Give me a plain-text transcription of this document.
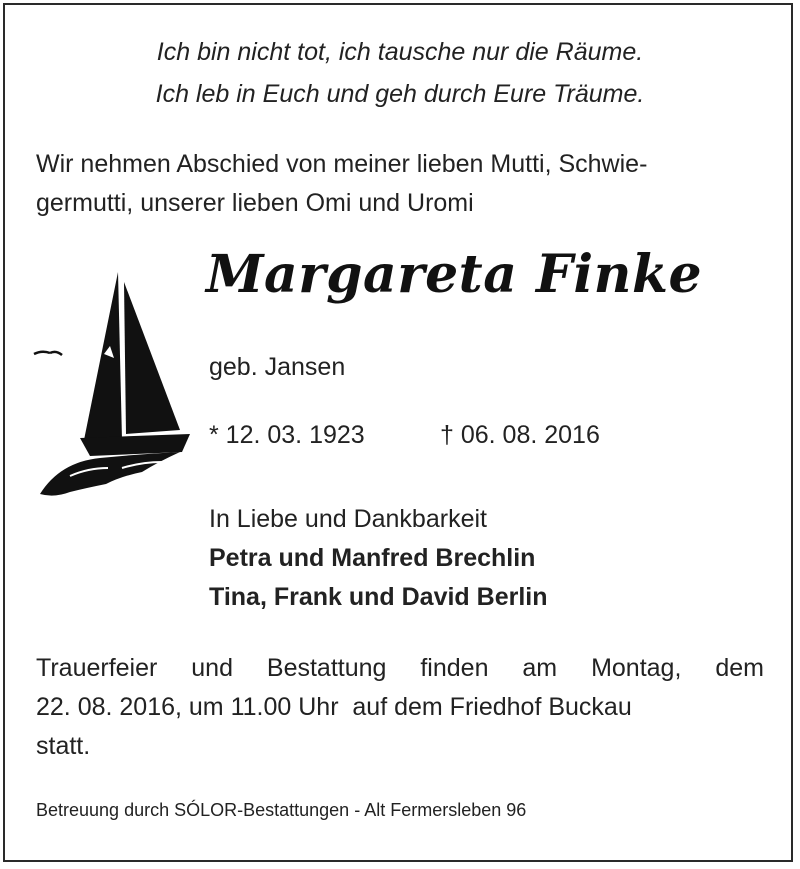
Ich bin nicht tot, ich tausche nur die Räume.
Ich leb in Euch und geh durch Eure Träume.
Wir nehmen Abschied von meiner lieben Mutti, Schwie-
germutti, unserer lieben Omi und Uromi
Margareta Finke
geb. Jansen
* 12. 03. 1923	† 06. 08. 2016
In Liebe und Dankbarkeit
Petra und Manfred Brechlin
Tina, Frank und David Berlin
Trauerfeier und Bestattung finden am Montag, dem
22. 08. 2016, um 11.00 Uhr  auf dem Friedhof Buckau
statt.
Betreuung durch SÓLOR-Bestattungen - Alt Fermersleben 96
